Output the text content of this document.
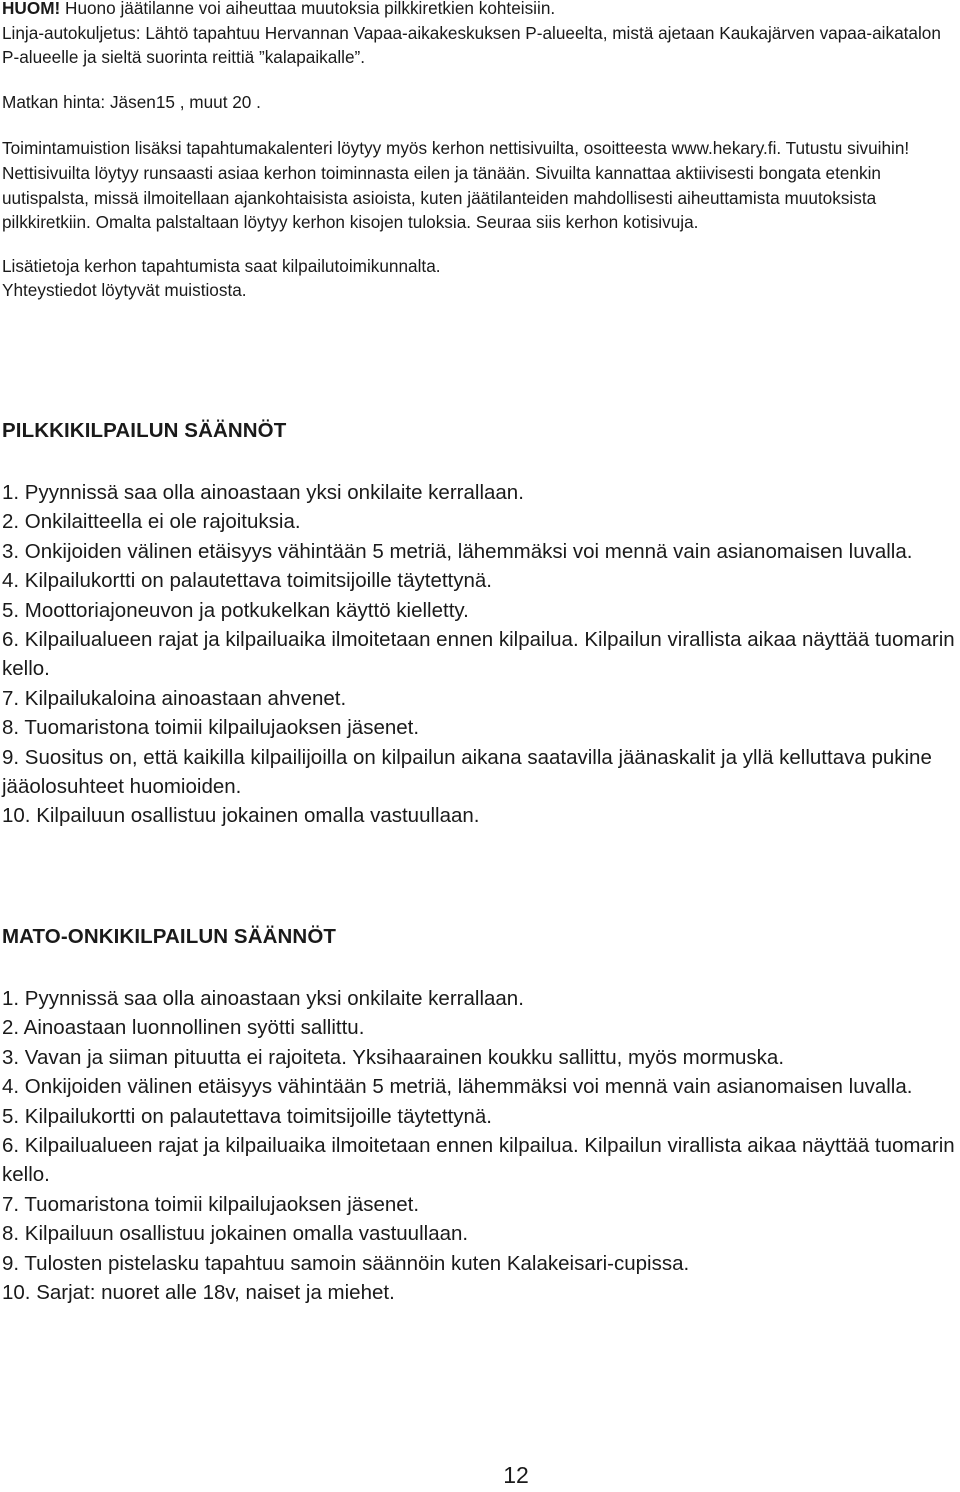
HUOM! Huono jäätilanne voi aiheuttaa muutoksia pilkkiretkien kohteisiin.

Linja-autokuljetus: Lähtö tapahtuu Hervannan Vapaa-aikakeskuksen P-alueelta, mistä ajetaan Kaukajärven vapaa-aikatalon P-alueelle ja sieltä suorinta reittiä ”kalapaikalle”.

Matkan hinta: Jäsen15 , muut 20 .

Toimintamuistion lisäksi tapahtumakalenteri löytyy myös kerhon nettisivuilta, osoitteesta www.hekary.fi. Tutustu sivuihin! Nettisivuilta löytyy runsaasti asiaa kerhon toiminnasta eilen ja tänään. Sivuilta kannattaa aktiivisesti bongata etenkin uutispalsta, missä ilmoitellaan ajankohtaisista asioista, kuten jäätilanteiden mahdollisesti aiheuttamista muutoksista pilkkiretkiin. Omalta palstaltaan löytyy kerhon kisojen tuloksia. Seuraa siis kerhon kotisivuja.

Lisätietoja kerhon tapahtumista saat kilpailutoimikunnalta.

Yhteystiedot löytyvät muistiosta.

PILKKIKILPAILUN SÄÄNNÖT
1. Pyynnissä saa olla ainoastaan yksi onkilaite kerrallaan.
2. Onkilaitteella ei ole rajoituksia.
3. Onkijoiden välinen etäisyys vähintään 5 metriä, lähemmäksi voi mennä vain asianomaisen luvalla.
4. Kilpailukortti on palautettava toimitsijoille täytettynä.
5. Moottoriajoneuvon ja potkukelkan käyttö kielletty.
6. Kilpailualueen rajat ja kilpailuaika ilmoitetaan ennen kilpailua. Kilpailun virallista aikaa näyttää tuomarin kello.
7. Kilpailukaloina ainoastaan ahvenet.
8. Tuomaristona toimii kilpailujaoksen jäsenet.
9. Suositus on, että kaikilla kilpailijoilla on kilpailun aikana saatavilla jäänaskalit ja yllä kelluttava pukine jääolosuhteet huomioiden.
10. Kilpailuun osallistuu jokainen omalla vastuullaan.
MATO-ONKIKILPAILUN SÄÄNNÖT
1. Pyynnissä saa olla ainoastaan yksi onkilaite kerrallaan.
2. Ainoastaan luonnollinen syötti sallittu.
3. Vavan ja siiman pituutta ei rajoiteta. Yksihaarainen koukku sallittu, myös mormuska.
4. Onkijoiden välinen etäisyys vähintään 5 metriä, lähemmäksi voi mennä vain asianomaisen luvalla.
5. Kilpailukortti on palautettava toimitsijoille täytettynä.
6. Kilpailualueen rajat ja kilpailuaika ilmoitetaan ennen kilpailua. Kilpailun virallista aikaa näyttää tuomarin kello.
7. Tuomaristona toimii kilpailujaoksen jäsenet.
8. Kilpailuun osallistuu jokainen omalla vastuullaan.
9. Tulosten pistelasku tapahtuu samoin säännöin kuten Kalakeisari-cupissa.
10. Sarjat: nuoret alle 18v, naiset ja miehet.
12
